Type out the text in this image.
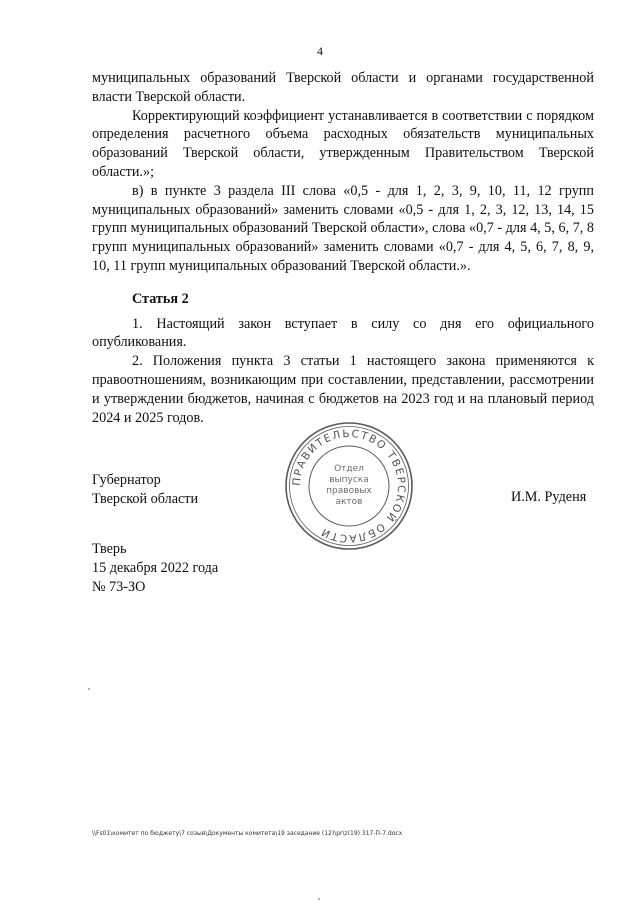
4

муниципальных образований Тверской области и органами государственной власти Тверской области.

Корректирующий коэффициент устанавливается в соответствии с порядком определения расчетного объема расходных обязательств муниципальных образований Тверской области, утвержденным Правительством Тверской области.»;

в) в пункте 3 раздела III слова «0,5 - для 1, 2, 3, 9, 10, 11, 12 групп муниципальных образований» заменить словами «0,5 - для 1, 2, 3, 12, 13, 14, 15 групп муниципальных образований Тверской области», слова «0,7 - для 4, 5, 6, 7, 8 групп муниципальных образований» заменить словами «0,7 - для 4, 5, 6, 7, 8, 9, 10, 11 групп муниципальных образований Тверской области.».

Статья 2

1. Настоящий закон вступает в силу со дня его официального опубликования.

2. Положения пункта 3 статьи 1 настоящего закона применяются к правоотношениям, возникающим при составлении, представлении, рассмотрении и утверждении бюджетов, начиная с бюджетов на 2023 год и на плановый период 2024 и 2025 годов.

Губернатор
Тверской области	И.М. Руденя
ПРАВИТЕЛЬСТВО ТВЕРСКОЙ ОБЛАСТИ
Отдел
выпуска
правовых
актов
Тверь
15 декабря 2022 года
№ 73-ЗО
\\Fs01\комитет по бюджету\7 созыв\Документы комитета\19 заседание (12)\pr\z(19) 317-П-7.docx
